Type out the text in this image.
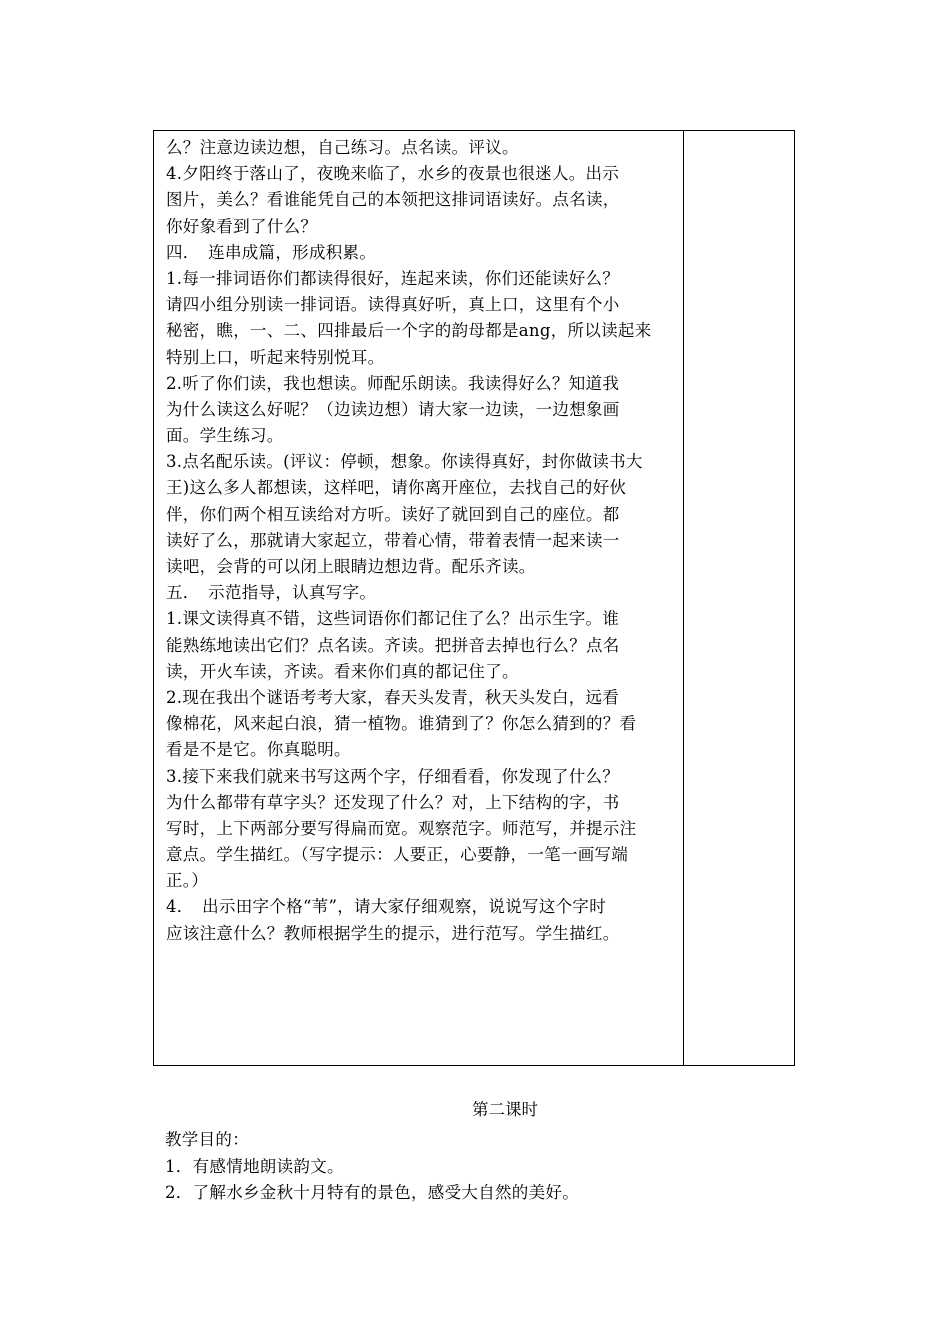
么？注意边读边想，自己练习。点名读。评议。
4.夕阳终于落山了，夜晚来临了，水乡的夜景也很迷人。出示
图片，美么？看谁能凭自己的本领把这排词语读好。点名读，
你好象看到了什么？
四．　连串成篇，形成积累。
1.每一排词语你们都读得很好，连起来读，你们还能读好么？
请四小组分别读一排词语。读得真好听，真上口，这里有个小
秘密，瞧，一、二、四排最后一个字的韵母都是ang，所以读起来
特别上口，听起来特别悦耳。
2.听了你们读，我也想读。师配乐朗读。我读得好么？知道我
为什么读这么好呢？（边读边想）请大家一边读，一边想象画
面。学生练习。
3.点名配乐读。(评议：停顿，想象。你读得真好，封你做读书大
王)这么多人都想读，这样吧，请你离开座位，去找自己的好伙
伴，你们两个相互读给对方听。读好了就回到自己的座位。都
读好了么，那就请大家起立，带着心情，带着表情一起来读一
读吧，会背的可以闭上眼睛边想边背。配乐齐读。
五．　示范指导，认真写字。
1.课文读得真不错，这些词语你们都记住了么？出示生字。谁
能熟练地读出它们？点名读。齐读。把拼音去掉也行么？点名
读，开火车读，齐读。看来你们真的都记住了。
2.现在我出个谜语考考大家，春天头发青，秋天头发白，远看
像棉花，风来起白浪，猜一植物。谁猜到了？你怎么猜到的？看
看是不是它。你真聪明。
3.接下来我们就来书写这两个字，仔细看看，你发现了什么？
为什么都带有草字头？还发现了什么？对，上下结构的字，书
写时，上下两部分要写得扁而宽。观察范字。师范写，并提示注
意点。学生描红。（写字提示：人要正，心要静，一笔一画写端
正。）
4．　出示田字个格“苇”，请大家仔细观察，说说写这个字时
应该注意什么？教师根据学生的提示，进行范写。学生描红。
第二课时
教学目的：
1．有感情地朗读韵文。
2．了解水乡金秋十月特有的景色，感受大自然的美好。
